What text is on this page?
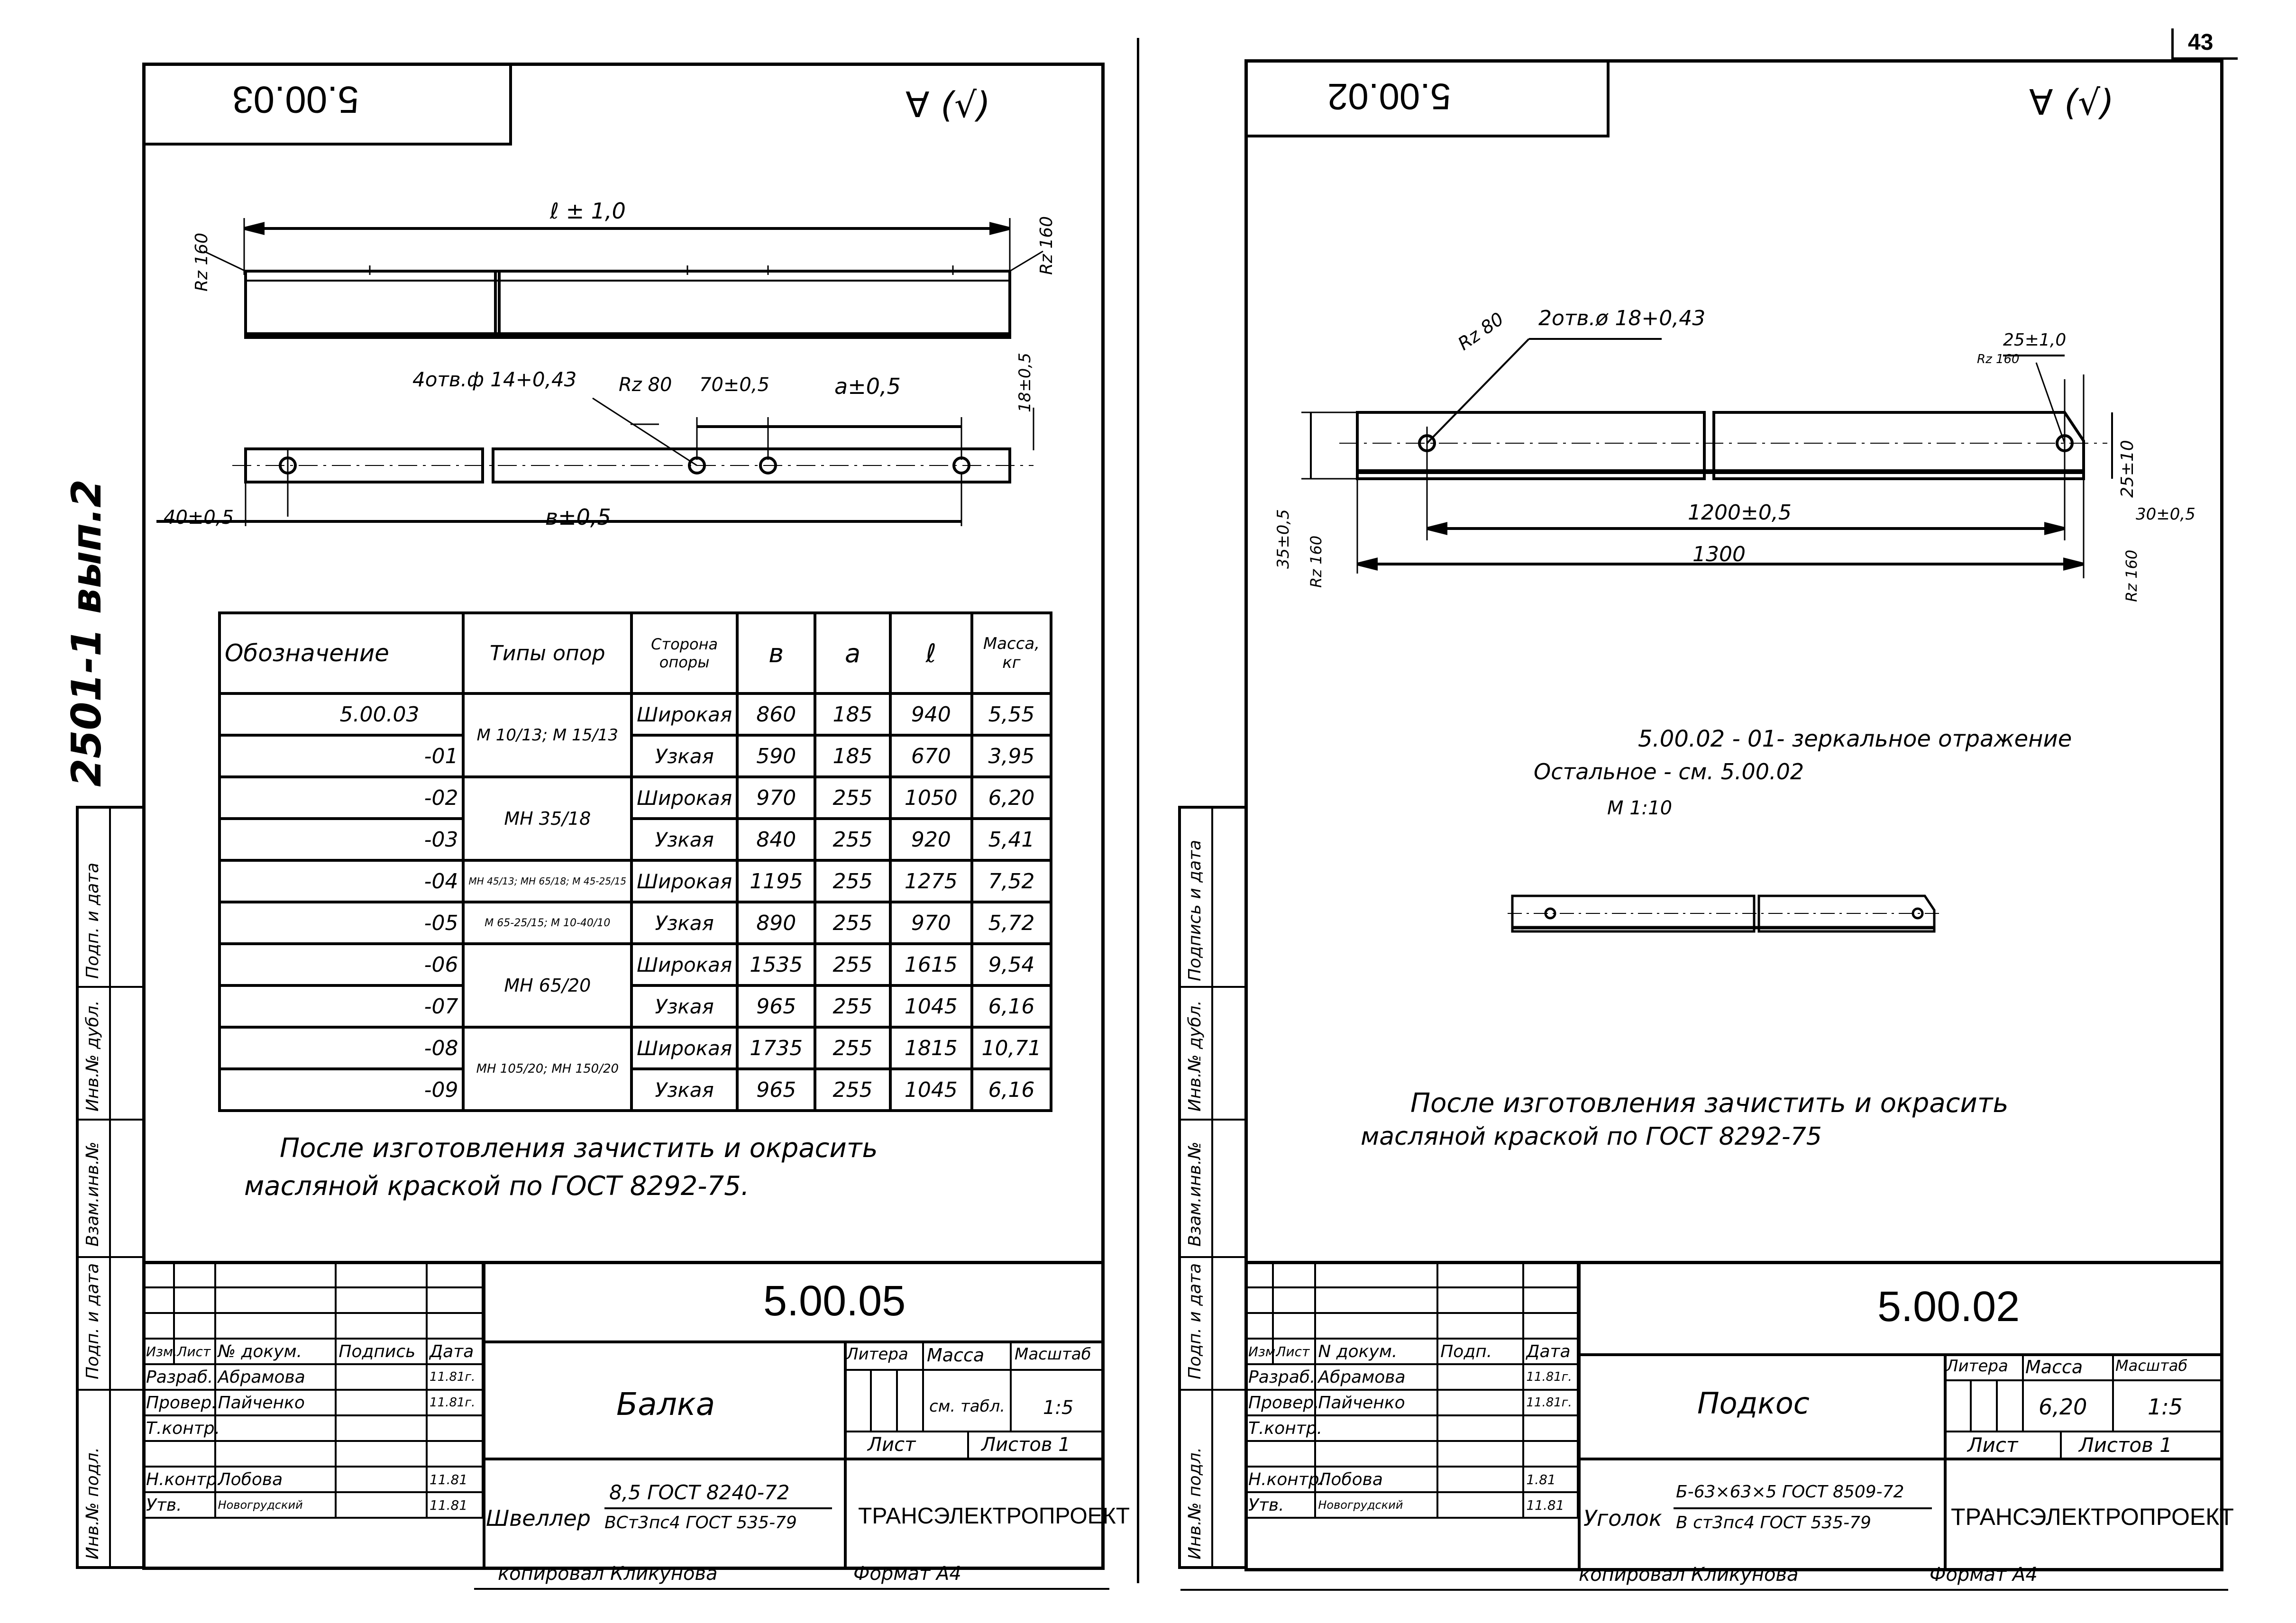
43
2501-1 вып.2
5.00.03	∀ (√)
Инв.№ подл.
Подп. и дата
Взам.инв.№
Инв.№ дубл.
Подп. и дата
ℓ ± 1,0
Rz 160	Rz 160
4отв.ф 14+0,43 Rz 80 70±0,5	а±0,5	18±0,5
40±0,5	в±0,5
Обозначение	Типы опор	Сторона опоры	в	а	ℓ	Масса, кг
5.00.03	М 10/13; М 15/13	Широкая	860	185	940	5,55
-01		Узкая	590	185	670	3,95
-02	МН 35/18	Широкая	970	255	1050	6,20
-03		Узкая	840	255	920	5,41
-04	МН 45/13; МН 65/18; М 45-25/15	Широкая	1195	255	1275	7,52
-05	М 65-25/15; М 10-40/10	Узкая	890	255	970	5,72
-06	МН 65/20	Широкая	1535	255	1615	9,54
-07		Узкая	965	255	1045	6,16
-08	МН 105/20; МН 150/20	Широкая	1735	255	1815	10,71
-09		Узкая	965	255	1045	6,16
После изготовления зачистить и окрасить
масляной краской по ГОСТ 8292-75.

Изм.	Лист	№ докум.	Подпись	Дата
Разраб.		Абрамова		11.81г.
Провер.		Пайченко		11.81г.
Т.контр.				

Н.контр.		Лобова		11.81
Утв.		Новогрудский		11.81
5.00.05
Балка
Литера Масса Масштаб
см. табл. 1:5
Лист	Листов 1
Швеллер
8,5 ГОСТ 8240-72
ВСт3пс4 ГОСТ 535-79	ТРАНСЭЛЕКТРОПРОЕКТ
копировал Кликунова	Формат А4
5.00.02	∀ (√)
Инв.№ подл.
Подп. и дата
Взам.инв.№
Инв.№ дубл.
Подпись и дата
Rz 80 2отв.ø 18+0,43
25±1,0
Rz 160
25±10
1200±0,5	30±0,5
1300
35±0,5 Rz 160	Rz 160
5.00.02 - 01- зеркальное отражение
Остальное - см. 5.00.02
М 1:10
После изготовления зачистить и окрасить
масляной краской по ГОСТ 8292-75

Изм.	Лист	N докум.	Подп.	Дата
Разраб.		Абрамова		11.81г.
Провер.		Пайченко		11.81г.
Т.контр.				

Н.контр.		Лобова		1.81
Утв.		Новогрудский		11.81
5.00.02
Подкос
Литера Масса Масштаб
6,20	1:5
Лист	Листов 1
Уголок
Б-63×63×5 ГОСТ 8509-72
В ст3пс4 ГОСТ 535-79	ТРАНСЭЛЕКТРОПРОЕКТ
копировал Кликунова	Формат А4
